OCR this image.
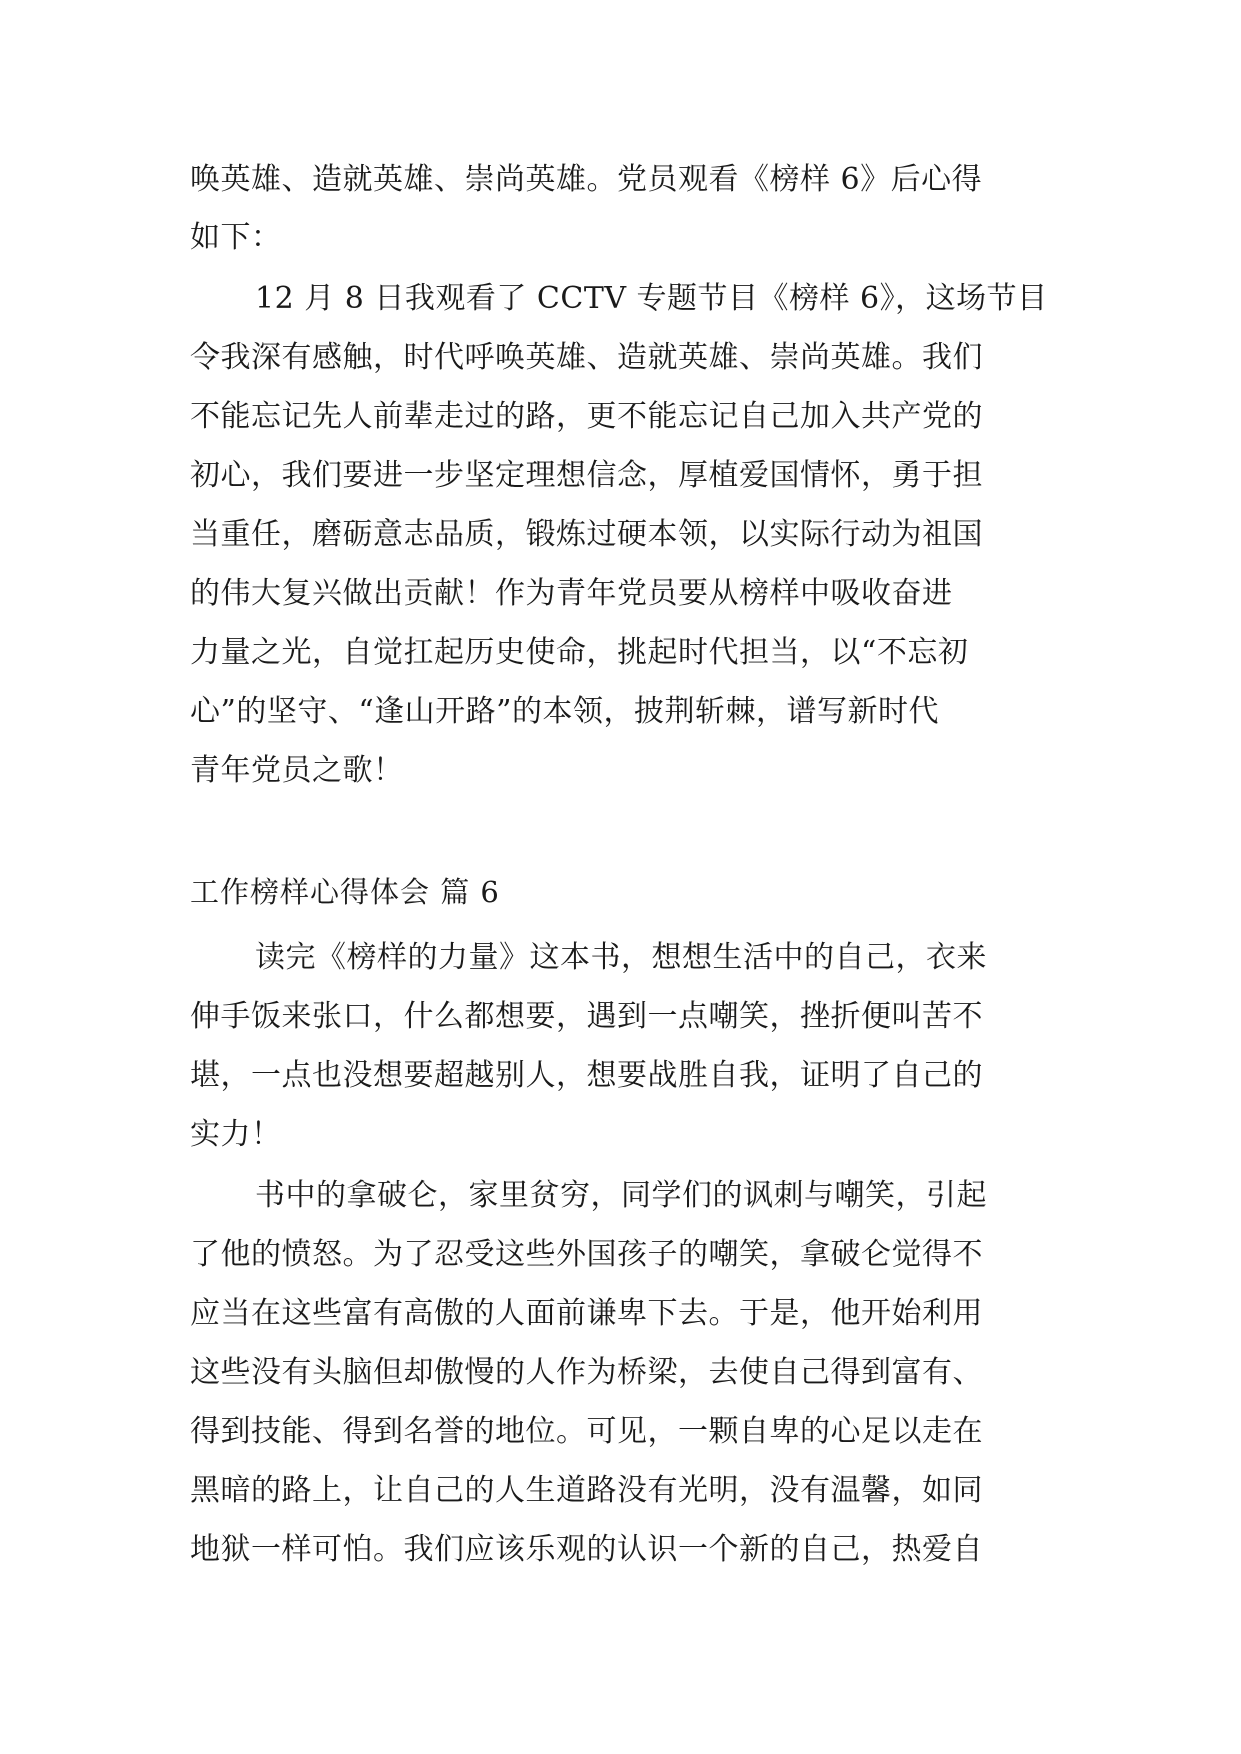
唤英雄、造就英雄、崇尚英雄。党员观看《榜样 6》后心得
如下：
12 月 8 日我观看了 CCTV 专题节目《榜样 6》，这场节目
令我深有感触，时代呼唤英雄、造就英雄、崇尚英雄。我们
不能忘记先人前辈走过的路，更不能忘记自己加入共产党的
初心，我们要进一步坚定理想信念，厚植爱国情怀，勇于担
当重任，磨砺意志品质，锻炼过硬本领，以实际行动为祖国
的伟大复兴做出贡献！作为青年党员要从榜样中吸收奋进
力量之光，自觉扛起历史使命，挑起时代担当，以“不忘初
心”的坚守、“逢山开路”的本领，披荆斩棘，谱写新时代
青年党员之歌！
工作榜样心得体会 篇 6
读完《榜样的力量》这本书，想想生活中的自己，衣来
伸手饭来张口，什么都想要，遇到一点嘲笑，挫折便叫苦不
堪，一点也没想要超越别人，想要战胜自我，证明了自己的
实力！
书中的拿破仑，家里贫穷，同学们的讽刺与嘲笑，引起
了他的愤怒。为了忍受这些外国孩子的嘲笑，拿破仑觉得不
应当在这些富有高傲的人面前谦卑下去。于是，他开始利用
这些没有头脑但却傲慢的人作为桥梁，去使自己得到富有、
得到技能、得到名誉的地位。可见，一颗自卑的心足以走在
黑暗的路上，让自己的人生道路没有光明，没有温馨，如同
地狱一样可怕。我们应该乐观的认识一个新的自己，热爱自
